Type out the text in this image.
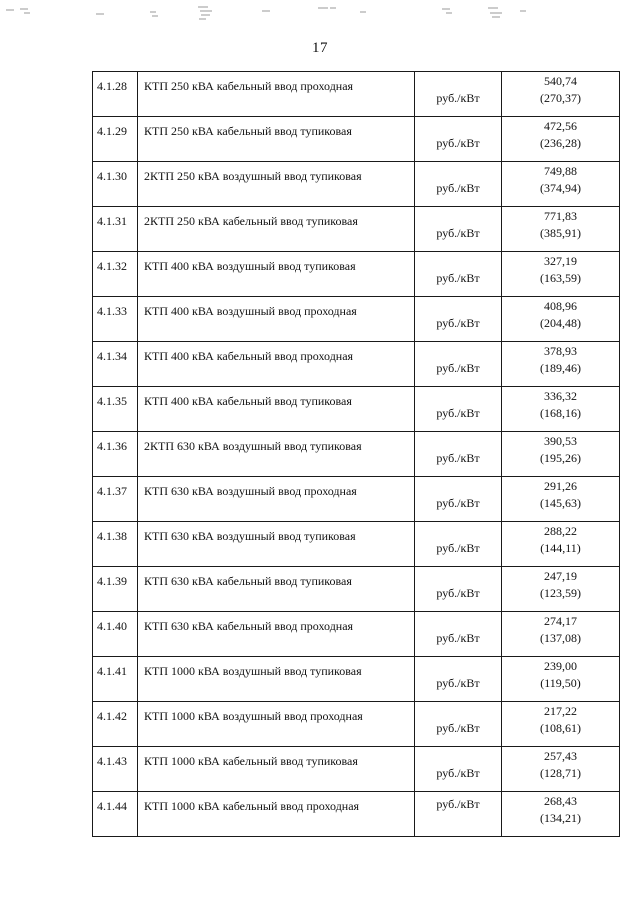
17
4.1.28	КТП 250 кВА кабельный ввод проходная	руб./кВт	540,74
(270,37)

4.1.29	КТП 250 кВА кабельный ввод тупиковая	руб./кВт	472,56
(236,28)

4.1.30	2КТП 250 кВА воздушный ввод тупиковая	руб./кВт	749,88
(374,94)

4.1.31	2КТП 250 кВА кабельный ввод тупиковая	руб./кВт	771,83
(385,91)

4.1.32	КТП 400 кВА воздушный ввод тупиковая	руб./кВт	327,19
(163,59)

4.1.33	КТП 400 кВА воздушный ввод проходная	руб./кВт	408,96
(204,48)

4.1.34	КТП 400 кВА кабельный ввод проходная	руб./кВт	378,93
(189,46)

4.1.35	КТП 400 кВА кабельный ввод тупиковая	руб./кВт	336,32
(168,16)

4.1.36	2КТП 630 кВА воздушный ввод тупиковая	руб./кВт	390,53
(195,26)

4.1.37	КТП 630 кВА воздушный ввод проходная	руб./кВт	291,26
(145,63)

4.1.38	КТП 630 кВА воздушный ввод тупиковая	руб./кВт	288,22
(144,11)

4.1.39	КТП 630 кВА кабельный ввод тупиковая	руб./кВт	247,19
(123,59)

4.1.40	КТП 630 кВА кабельный ввод проходная	руб./кВт	274,17
(137,08)

4.1.41	КТП 1000 кВА воздушный ввод тупиковая	руб./кВт	239,00
(119,50)

4.1.42	КТП 1000 кВА воздушный ввод проходная	руб./кВт	217,22
(108,61)

4.1.43	КТП 1000 кВА кабельный ввод тупиковая	руб./кВт	257,43
(128,71)

4.1.44	КТП 1000 кВА кабельный ввод проходная	руб./кВт	268,43
(134,21)
